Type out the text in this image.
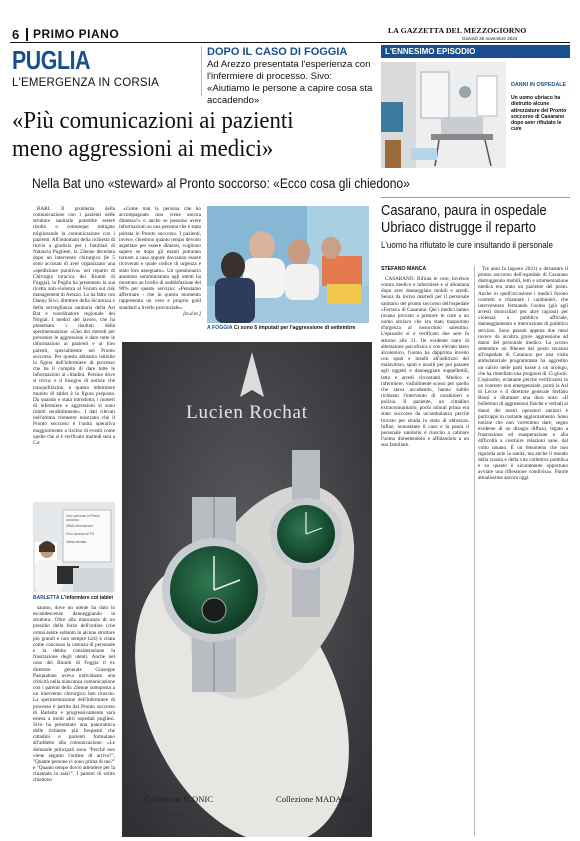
6 PRIMO PIANO	LA GAZZETTA DEL MEZZOGIORNO
Giovedì 28 novembre 2024
PUGLIA
L'EMERGENZA IN CORSIA
DOPO IL CASO DI FOGGIA
Ad Arezzo presentata l'esperienza con l'infermiere di processo. Sivo: «Aiutiamo le persone a capire cosa sta accadendo»
L'ENNESIMO EPISODIO
DANNI IN OSPEDALE
Un uomo ubriaco ha distrutto alcune attrezzature del Pronto soccorso di Casarano dopo aver rifiutato le cure
«Più comunicazioni ai pazienti meno aggressioni ai medici»
Nella Bat uno «steward» al Pronto soccorso: «Ecco cosa gli chiedono»

BARI. Il problema della comunicazione con i pazienti nelle strutture sanitarie potrebbe essere risolto o comunque mitigato migliorando la comunicazione con i pazienti. All'indomani della richiesta di rinvio a giudizio per i familiari di Natascia Pugliese, la 23enne deceduta dopo un intervento chirurgico (le 5 sono accusati di aver organizzato una «spedizione punitiva» nel reparto di Chirurgia toracica dei Riuniti di Foggia), la Puglia ha presentato la sua ricetta anti-violenza al Forum sul risk management di Arezzo. Lo ha fatto con Danny Sivo, direttore della Sicurezza e della sorveglianza sanitaria della Asl Bat e coordinatore regionale dei Nirgial. I medici del lavoro, che ha presentato i risultati della sperimentazione: «Uno dei metodi per prevenire le aggressioni è dare tutte le informazioni ai pazienti e ai loro parenti, specialmente nei Pronto soccorso. Per questo abbiamo istituito la figura dell'infermiere di processo che ha il compito di dare tutte le informazioni ai cittadini. Persino dove si trova: e il bisogno di notizie che tranquillizzino, e questo infermiere munito di tablet è la figura preposta. Da quando è stata introdotta, i numeri di infermiere e aggressioni si sono ridotti sensibilmente». I dati rilevati nell'ultimo trimestre mostrano che il Pronto soccorso è l'unità operativa maggiormente a rischio di eventi come quelle che si è verificato martedì sera a Ca-

«Come mai la persona che ho accompagnato non viene ancora dimessa?» o anche se possono avere informazioni su una persona che è stata portata in Pronto soccorso. I pazienti, invece, chiedono quanto tempo devono aspettare per essere dimessi, vogliono sapere se dopo gli esami potranno tornare a casa oppure dovranno essere ricoverati e quale codice di urgenza è stato loro assegnato». Un questionario anonimo somministrato agli utenti ha mostrato un livello di soddisfazione del 90% per questo servizio: «Pensiamo affermare - che in questo momento rappresenta un vero e proprio gold standard a livello provinciale».

[m.d.m.]
A FOGGIA Ci sono 5 imputati per l'aggressione di settembre
Il tuo percorso in Pronto soccorso
Ufficio informazioni
Il tuo accesso al PS
Attesa stimata
BARLETTA L'informiere col tablet

sarano, dove un utente ha dato in escandescenze danneggiando la struttura. Oltre alla mancanza di un presidio della forze dell'ordine (che ormai esiste soltanto in alcune strutture più grandi e non sempre h24) è citata come concausa la carenza di personale e la debita considerazione la frustrazione degli utenti. Anche nel caso dei Riuniti di Foggia il ex direttore generale Giuseppe Pasqualone aveva individuato una criticità nella mancanza comunicazione con i parenti della 23enne sottoposta a un intervento chirurgico ben riuscito. La sperimentazione dell'infermiere di processo è partita dal Pronto soccorso di Barletta e progressivamente sarà estesa a molti altri ospedali pugliesi. Sivo ha presentato una panoramica delle richieste più frequenti che cittadini e pazienti formulano all'addetto alla comunicazione: «Le domande principali sono "Perché non viene seguito l'ordine di arrivo?", "Quante persone ci sono prima di me?" e "Quanto tempo dovrò attendere per la chiamata in sala?". I parenti di solito chiedono

Lucien Rochat
Collezione ICONIC
Stile senza tempo.
Collezione MADAME
Casarano, paura in ospedale Ubriaco distrugge il reparto
L'uomo ha rifiutato le cure insultando il personale
STEFANO MANCA

CASARANO. Rifiuta le cure, inveisce contro medico e infermiere e si allontana dopo aver danneggiato mobili e arredi. Senza da inciso martedì per il personale sanitario del pronto soccorso dell'ospedale «Ferrari» di Casarano. Qui i medici hanno invano provato a prestare le cure a un uomo ubriaco che era stato trasportato d'urgenza al nosocomio salentino. L'episodio si è verificato due sere fa attorno alle 21. Ile evidente stato di alterazione psicofisica e con elevato tasso alcolemico, l'uomo ha dapprima inveito con sputi e insulti all'indirizzo del malavitoso, sputi e insulti per poi passare agli oggetti e danneggiare suppellettili, letto e arredi circostanti. Medico e infermiere, visibilmente scossi per quello che stava accadendo, hanno subito richiesto l'intervento di carabinieri e polizia. Il paziente, un cittadino extracomunitario, pochi minuti prima era stato soccorso da un'ambulanza perché trovato per strada in stato di ebbrezza. Infine, nonostante il caos e la paura il personale sanitario è riuscito a calmare l'uomo dimettendolo e affidandolo a un suo familiare.

Tre anni fa (agosto 2021) a devastare il pronto soccorso dell'ospedale di Casarano distruggendo mobili, letti e strumentazione medica era stato un paziente del posto. Anche in quell'occasione i medici furono costretti a chiamare i carabinieri, che intervennero fermando l'uomo (già agli arresti domiciliari per altre ragioni) per violenza a pubblico ufficiale, danneggiamento e interruzione di pubblico servizio. Sono passati appena due mesi invece da un'altra grave aggressione ad danni del personale medico. Lo scorso settembre un 90enne del posto recatosi all'ospedale di Casarano per una visita ambulatoriale programmata ha aggredito un calcio nelle parti basse a un urologo, che ha rimediato una prognosi di 15 giorni. L'episodio, eclatante perché verificatosi in un contesto non emergenziale, portò la Asl di Lecce e il direttore generale Stefano Rossi a diramare una dura nota: «Il bollettino di aggressioni fisiche e verbali ai danni dei nostri operatori sanitari è purtroppo in costante aggiornamento. Sono notizie che non vorremmo dare, segno evidente di un disagio diffuso, legato a frustrazione ed esasperazione e alla difficoltà a costruire relazioni sane, dal volto umano. È un fenomeno che non riguarda solo la sanità, ma anche il mondo della scuola e della vita collettiva pubblica e su questo è sicuramente opportuno avviare una riflessione condivisa». Parole attualissime ancora oggi.
